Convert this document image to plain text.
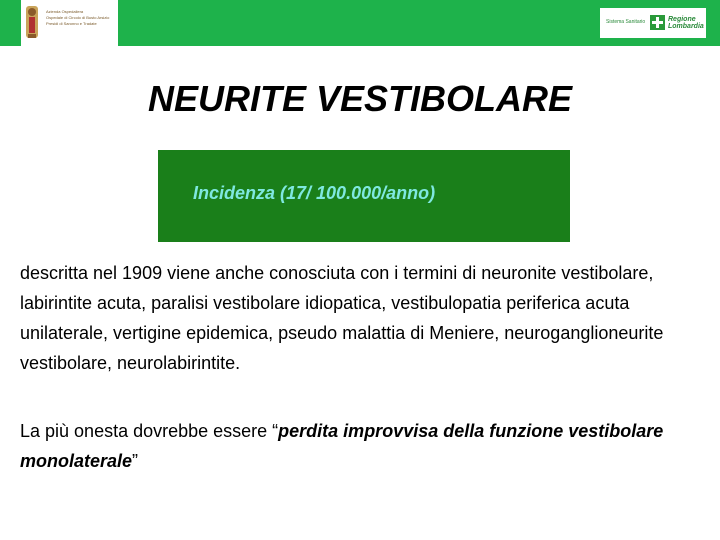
Azienda Ospedaliera
Ospedale di Circolo di Busto Arsizio
Presidi di Saronno e Tradate	Sistema Sanitario	Regione
Lombardia
NEURITE VESTIBOLARE
Incidenza (17/ 100.000/anno)

descritta nel 1909 viene anche conosciuta con i termini di neuronite vestibolare, labirintite acuta, paralisi vestibolare idiopatica, vestibulopatia periferica acuta unilaterale, vertigine epidemica, pseudo malattia di Meniere, neuroganglioneurite vestibolare, neurolabirintite.

La più onesta dovrebbe essere “perdita improvvisa della funzione vestibolare monolaterale”
